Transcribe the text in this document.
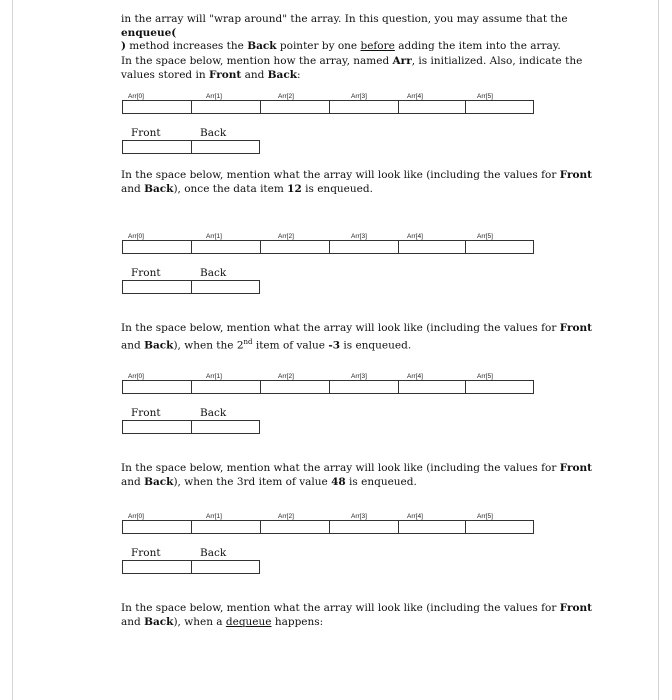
in the array will "wrap around" the array. In this question, you may assume that the enqueue(
) method increases the Back pointer by one before adding the item into the array.
In the space below, mention how the array, named Arr, is initialized. Also, indicate the values stored in Front and Back:
Arr[0]	Arr[1]	Arr[2]	Arr[3]	Arr[4]	Arr[5]
Front	Back
In the space below, mention what the array will look like (including the values for Front and Back), once the data item 12 is enqueued.
Arr[0]	Arr[1]	Arr[2]	Arr[3]	Arr[4]	Arr[5]
Front	Back
In the space below, mention what the array will look like (including the values for Front and Back), when the 2nd item of value -3 is enqueued.
Arr[0]	Arr[1]	Arr[2]	Arr[3]	Arr[4]	Arr[5]
Front	Back
In the space below, mention what the array will look like (including the values for Front and Back), when the 3rd item of value 48 is enqueued.
Arr[0]	Arr[1]	Arr[2]	Arr[3]	Arr[4]	Arr[5]
Front	Back
In the space below, mention what the array will look like (including the values for Front and Back), when a dequeue happens:
